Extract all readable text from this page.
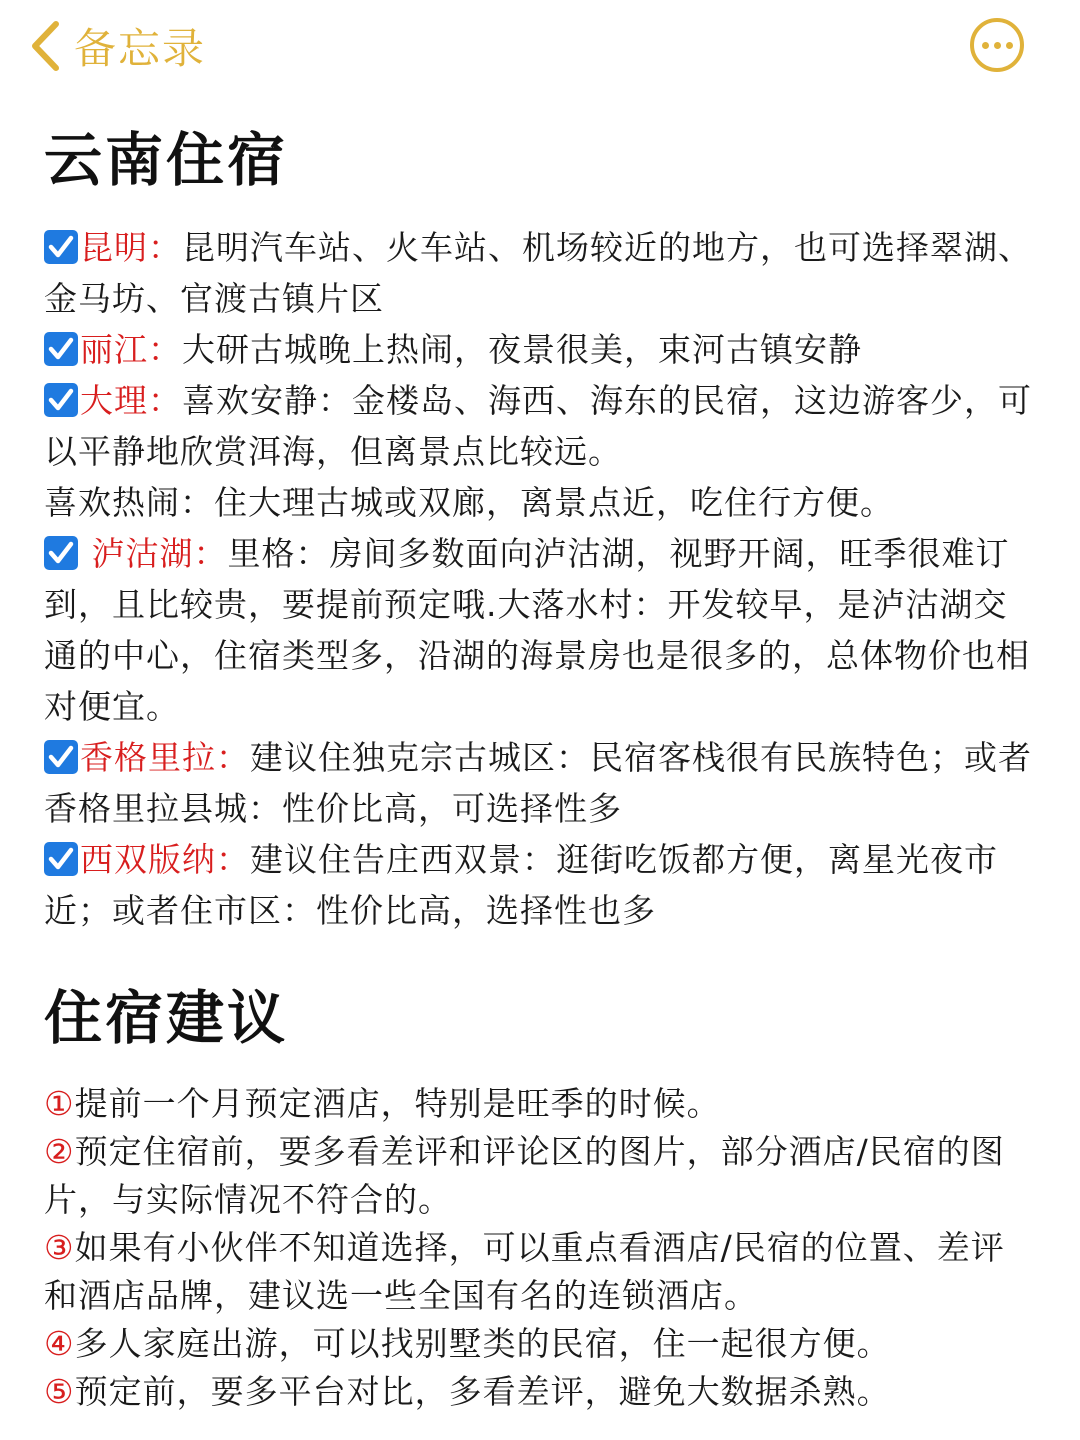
备忘录
云南住宿

昆明：昆明汽车站、火车站、机场较近的地方，也可选择翠湖、金马坊、官渡古镇片区

丽江：大研古城晚上热闹，夜景很美，束河古镇安静

大理：喜欢安静：金楼岛、海西、海东的民宿，这边游客少，可以平静地欣赏洱海，但离景点比较远。

喜欢热闹：住大理古城或双廊，离景点近，吃住行方便。

泸沽湖：里格：房间多数面向泸沽湖，视野开阔，旺季很难订到，且比较贵，要提前预定哦.大落水村：开发较早，是泸沽湖交通的中心，住宿类型多，沿湖的海景房也是很多的，总体物价也相对便宜。

香格里拉：建议住独克宗古城区：民宿客栈很有民族特色；或者香格里拉县城：性价比高，可选择性多

西双版纳：建议住告庄西双景：逛街吃饭都方便，离星光夜市近；或者住市区：性价比高，选择性也多

住宿建议

①提前一个月预定酒店，特别是旺季的时候。

②预定住宿前，要多看差评和评论区的图片，部分酒店/民宿的图片，与实际情况不符合的。

③如果有小伙伴不知道选择，可以重点看酒店/民宿的位置、差评和酒店品牌，建议选一些全国有名的连锁酒店。

④多人家庭出游，可以找别墅类的民宿，住一起很方便。

⑤预定前，要多平台对比，多看差评，避免大数据杀熟。
